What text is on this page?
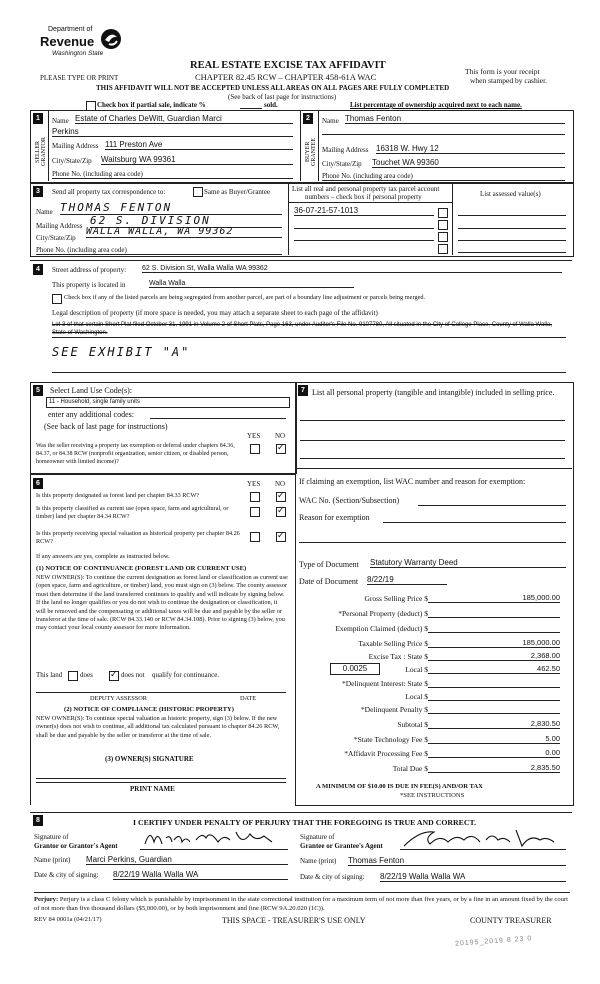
Department of
Revenue
Washington State
PLEASE TYPE OR PRINT
REAL ESTATE EXCISE TAX AFFIDAVIT
CHAPTER 82.45 RCW – CHAPTER 458-61A WAC
THIS AFFIDAVIT WILL NOT BE ACCEPTED UNLESS ALL AREAS ON ALL PAGES ARE FULLY COMPLETED
(See back of last page for instructions)
This form is your receipt
when stamped by cashier.
Check box if partial sale, indicate %	sold.	List percentage of ownership acquired next to each name.
1
SELLER GRANTOR
Name Estate of Charles DeWitt, Guardian Marci
Perkins
Mailing Address 111 Preston Ave
City/State/Zip Waitsburg WA 99361
Phone No. (including area code)
2
BUYER GRANTEE
Name Thomas Fenton
Mailing Address 16318 W. Hwy 12
City/State/Zip Touchet WA 99360
Phone No. (including area code)
3	Send all property tax correspondence to:	Same as Buyer/Grantee
Name THOMAS FENTON
Mailing Address 62 S. DIVISION
City/State/Zip
WALLA WALLA, WA 99362
Phone No. (including area code)
List all real and personal property tax parcel account
numbers – check box if personal property	List assessed value(s)
36-07-21-57-1013
4	Street address of property: 62 S. Division St, Walla Walla WA 99362
This property is located in	Walla Walla
Check box if any of the listed parcels are being segregated from another parcel, are part of a boundary line adjustment or parcels being merged.
Legal description of property (if more space is needed, you may attach a separate sheet to each page of the affidavit)
Lot 3 of that certain Short Plat filed October 31, 1991 in Volume 2 of Short Plats, Page 163, under Auditor's File No. 9107780, All situated in the City of College Place, County of Walla Walla, State of Washington.
SEE EXHIBIT "A"
5	Select Land Use Code(s):
11 - Household, single family units
enter any additional codes:
(See back of last page for instructions)
YES NO
Was the seller receiving a property tax exemption or deferral under chapters 84.36, 84.37, or 84.38 RCW (nonprofit organization, senior citizen, or disabled person, homeowner with limited income)?
✓
6	YES NO
Is this property designated as forest land per chapter 84.33 RCW?
✓
Is this property classified as current use (open space, farm and agricultural, or timber) land per chapter 84.34 RCW?
✓
Is this property receiving special valuation as historical property per chapter 84.26 RCW?
✓
If any answers are yes, complete as instructed below.
(1) NOTICE OF CONTINUANCE (FOREST LAND OR CURRENT USE)
NEW OWNER(S): To continue the current designation as forest land or classification as current use (open space, farm and agriculture, or timber) land, you must sign on (3) below. The county assessor must then determine if the land transferred continues to qualify and will indicate by signing below. If the land no longer qualifies or you do not wish to continue the designation or classification, it will be removed and the compensating or additional taxes will be due and payable by the seller or transferor at the time of sale. (RCW 84.33.140 or RCW 84.34.108). Prior to signing (3) below, you may contact your local county assessor for more information.
This land	does
✓	does not qualify for continuance.
DEPUTY ASSESSOR	DATE
(2) NOTICE OF COMPLIANCE (HISTORIC PROPERTY)
NEW OWNER(S): To continue special valuation as historic property, sign (3) below. If the new owner(s) does not wish to continue, all additional tax calculated pursuant to chapter 84.26 RCW, shall be due and payable by the seller or transferor at the time of sale.
(3) OWNER(S) SIGNATURE
PRINT NAME
7 List all personal property (tangible and intangible) included in selling price.
If claiming an exemption, list WAC number and reason for exemption:
WAC No. (Section/Subsection)
Reason for exemption
Type of Document Statutory Warranty Deed
Date of Document 8/22/19
Gross Selling Price $	185,000.00
*Personal Property (deduct) $
Exemption Claimed (deduct) $
Taxable Selling Price $	185,000.00
Excise Tax : State $	2,368.00
0.0025	Local $	462.50
*Delinquent Interest: State $
Local $
*Delinquent Penalty $
Subtotal $	2,830.50
*State Technology Fee $	5.00
*Affidavit Processing Fee $	0.00
Total Due $	2,835.50
A MINIMUM OF $10.00 IS DUE IN FEE(S) AND/OR TAX
*SEE INSTRUCTIONS
8	I CERTIFY UNDER PENALTY OF PERJURY THAT THE FOREGOING IS TRUE AND CORRECT.
Signature of
Grantor or Grantor's Agent
Name (print) Marci Perkins, Guardian
Date & city of signing: 8/22/19 Walla Walla WA
Signature of
Grantee or Grantee's Agent
Name (print) Thomas Fenton
Date & city of signing: 8/22/19 Walla Walla WA
Perjury: Perjury is a class C felony which is punishable by imprisonment in the state correctional institution for a maximum term of not more than five years, or by a fine in an amount fixed by the court of not more than five thousand dollars ($5,000.00), or by both imprisonment and fine (RCW 9A.20.020 (1C)).
REV 84 0001a (04/21/17)	THIS SPACE - TREASURER'S USE ONLY	COUNTY TREASURER
20195_2019 8 23 0
